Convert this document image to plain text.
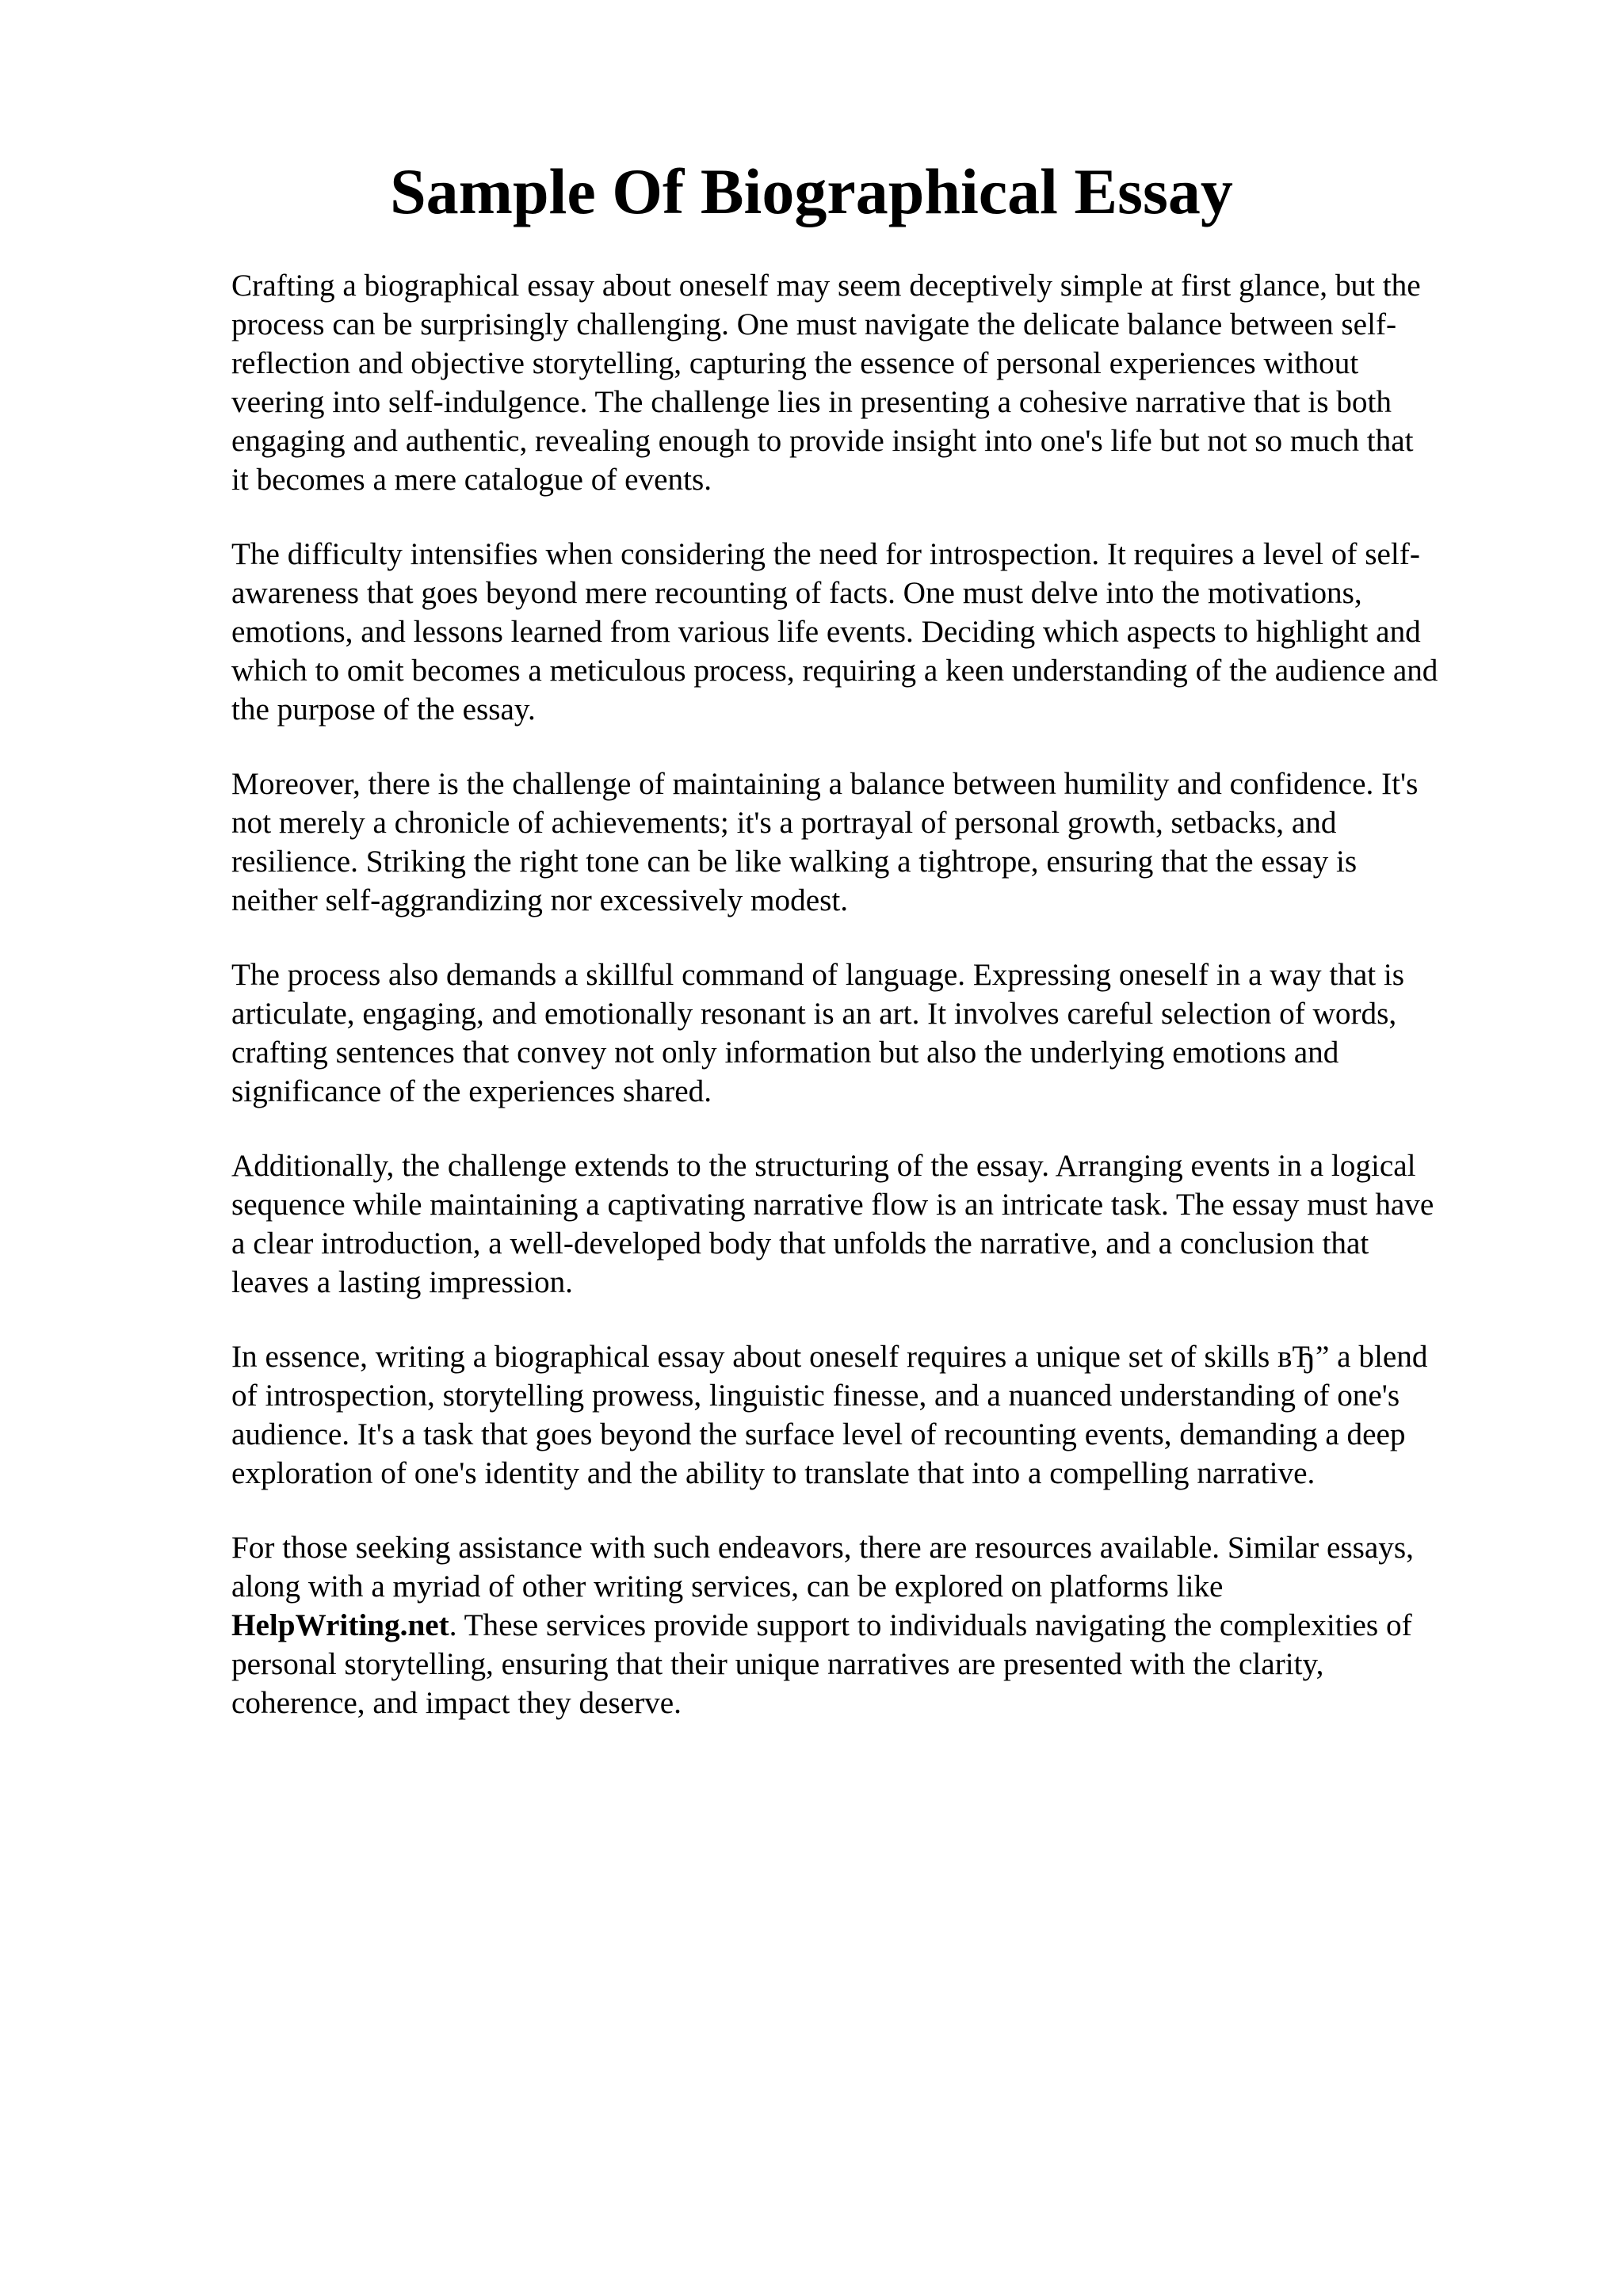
Sample Of Biographical Essay

Crafting a biographical essay about oneself may seem deceptively simple at first glance, but the
process can be surprisingly challenging. One must navigate the delicate balance between self-
reflection and objective storytelling, capturing the essence of personal experiences without
veering into self-indulgence. The challenge lies in presenting a cohesive narrative that is both
engaging and authentic, revealing enough to provide insight into one's life but not so much that
it becomes a mere catalogue of events.

The difficulty intensifies when considering the need for introspection. It requires a level of self-
awareness that goes beyond mere recounting of facts. One must delve into the motivations,
emotions, and lessons learned from various life events. Deciding which aspects to highlight and
which to omit becomes a meticulous process, requiring a keen understanding of the audience and
the purpose of the essay.

Moreover, there is the challenge of maintaining a balance between humility and confidence. It's
not merely a chronicle of achievements; it's a portrayal of personal growth, setbacks, and
resilience. Striking the right tone can be like walking a tightrope, ensuring that the essay is
neither self-aggrandizing nor excessively modest.

The process also demands a skillful command of language. Expressing oneself in a way that is
articulate, engaging, and emotionally resonant is an art. It involves careful selection of words,
crafting sentences that convey not only information but also the underlying emotions and
significance of the experiences shared.

Additionally, the challenge extends to the structuring of the essay. Arranging events in a logical
sequence while maintaining a captivating narrative flow is an intricate task. The essay must have
a clear introduction, a well-developed body that unfolds the narrative, and a conclusion that
leaves a lasting impression.

In essence, writing a biographical essay about oneself requires a unique set of skills вЂ” a blend
of introspection, storytelling prowess, linguistic finesse, and a nuanced understanding of one's
audience. It's a task that goes beyond the surface level of recounting events, demanding a deep
exploration of one's identity and the ability to translate that into a compelling narrative.

For those seeking assistance with such endeavors, there are resources available. Similar essays,
along with a myriad of other writing services, can be explored on platforms like
HelpWriting.net. These services provide support to individuals navigating the complexities of
personal storytelling, ensuring that their unique narratives are presented with the clarity,
coherence, and impact they deserve.
